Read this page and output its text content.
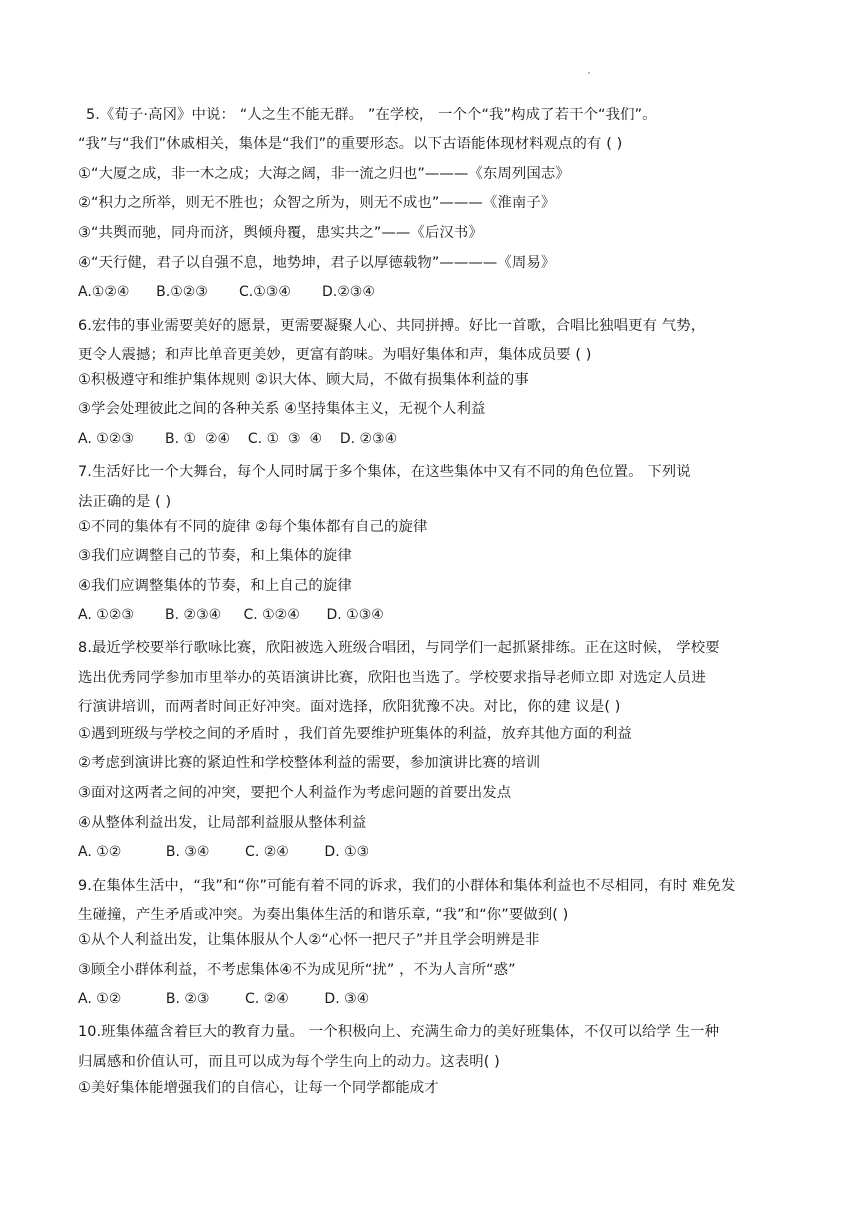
5.《荀子·高冈》中说： “人之生不能无群。 ”在学校， 一个个“我”构成了若干个“我们”。
“我”与“我们”休戚相关，集体是“我们”的重要形态。以下古语能体现材料观点的有 ( )
①“大厦之成，非一木之成；大海之阔，非一流之归也”———《东周列国志》
②“积力之所举，则无不胜也；众智之所为，则无不成也”———《淮南子》
③“共舆而驰，同舟而济，舆倾舟覆，患实共之”——《后汉书》
④“天行健，君子以自强不息，地势坤，君子以厚德载物”————《周易》
A.①②④      B.①②③       C.①③④       D.②③④
6.宏伟的事业需要美好的愿景，更需要凝聚人心、共同拼搏。好比一首歌，合唱比独唱更有 气势，
更令人震撼；和声比单音更美妙，更富有韵味。为唱好集体和声，集体成员要 ( )
①积极遵守和维护集体规则 ②识大体、顾大局，不做有损集体利益的事
③学会处理彼此之间的各种关系 ④坚持集体主义，无视个人利益
A. ①②③       B. ①  ②④    C. ①  ③  ④    D. ②③④
7.生活好比一个大舞台，每个人同时属于多个集体，在这些集体中又有不同的角色位置。 下列说
法正确的是 ( )
①不同的集体有不同的旋律 ②每个集体都有自己的旋律
③我们应调整自己的节奏，和上集体的旋律
④我们应调整集体的节奏，和上自己的旋律
A. ①②③       B. ②③④     C. ①②④      D. ①③④
8.最近学校要举行歌咏比赛，欣阳被选入班级合唱团，与同学们一起抓紧排练。正在这时候， 学校要
选出优秀同学参加市里举办的英语演讲比赛，欣阳也当选了。学校要求指导老师立即 对选定人员进
行演讲培训，而两者时间正好冲突。面对选择，欣阳犹豫不决。对比，你的建 议是( )
①遇到班级与学校之间的矛盾时 ，我们首先要维护班集体的利益，放弃其他方面的利益
②考虑到演讲比赛的紧迫性和学校整体利益的需要，参加演讲比赛的培训
③面对这两者之间的冲突，要把个人利益作为考虑问题的首要出发点
④从整体利益出发，让局部利益服从整体利益
A. ①②          B. ③④        C. ②④        D. ①③
9.在集体生活中，“我”和“你”可能有着不同的诉求，我们的小群体和集体利益也不尽相同，有时 难免发
生碰撞，产生矛盾或冲突。为奏出集体生活的和谐乐章, “我”和“你”要做到( )
①从个人利益出发，让集体服从个人②“心怀一把尺子”并且学会明辨是非
③顾全小群体利益，不考虑集体④不为成见所“扰” ，不为人言所“惑”
A. ①②          B. ②③        C. ②④        D. ③④
10.班集体蕴含着巨大的教育力量。 一个积极向上、充满生命力的美好班集体，不仅可以给学 生一种
归属感和价值认可，而且可以成为每个学生向上的动力。这表明( )
①美好集体能增强我们的自信心，让每一个同学都能成才
